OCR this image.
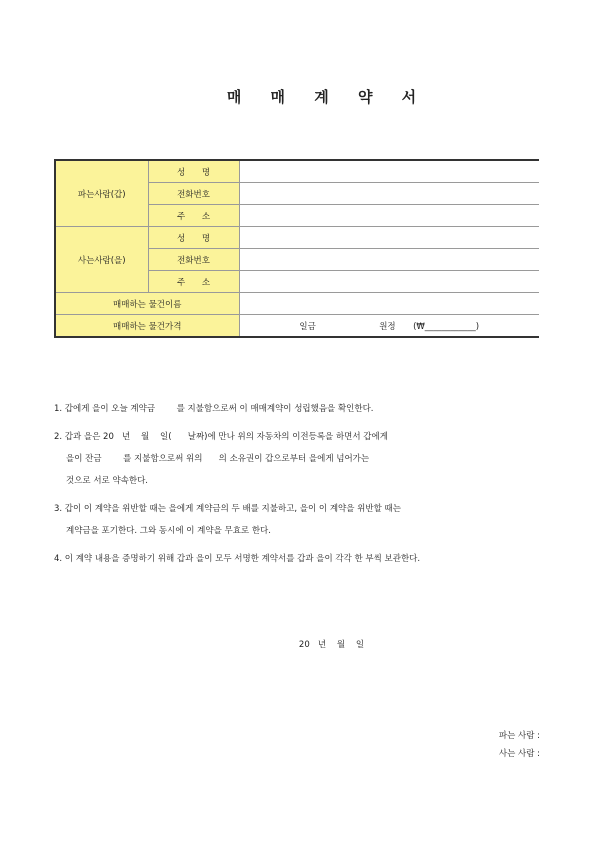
매 매 계 약 서
파는사람(갑)	성 명	
	전화번호	
	주 소	
사는사람(을)	성 명	
	전화번호	
	주 소	
매매하는 물건이름		
매매하는 물건가격		일금 원정 (₩____________)
1. 갑에게 을이 오늘 계약금        를 지불함으로써 이 매매계약이 성립했음을 확인한다.
2. 갑과 을은 20   년    월    일(      날짜)에 만나 위의 자동차의 이전등록을 하면서 갑에게
을이 잔금        를 지불함으로써 위의      의 소유권이 갑으로부터 을에게 넘어가는
것으로 서로 약속한다.
3. 갑이 이 계약을 위반할 때는 을에게 계약금의 두 배를 지불하고, 을이 이 계약을 위반할 때는
계약금을 포기한다. 그와 동시에 이 계약을 무효로 한다.
4. 이 계약 내용을 증명하기 위해 갑과 을이 모두 서명한 계약서를 갑과 을이 각각 한 부씩 보관한다.
20   년    월    일
파는 사람 :
사는 사람 :
